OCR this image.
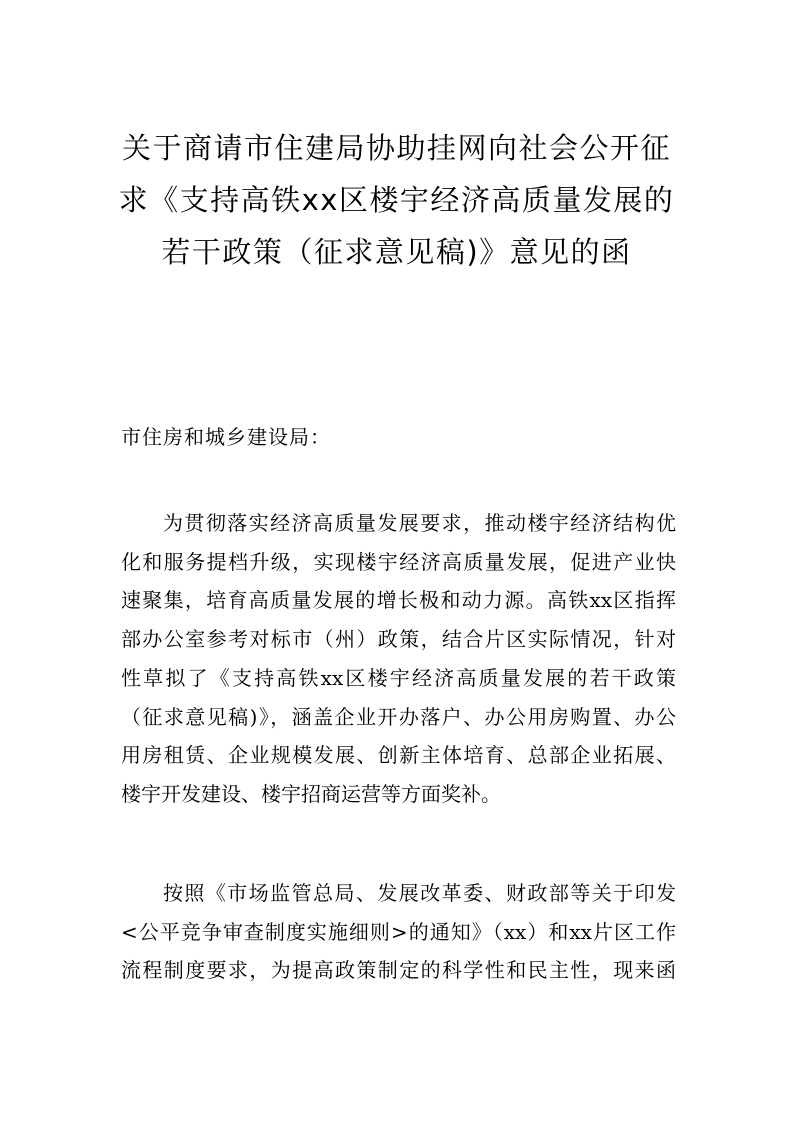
关于商请市住建局协助挂网向社会公开征
求《支持高铁xx区楼宇经济高质量发展的
若干政策（征求意见稿)》意见的函

市住房和城乡建设局：

为贯彻落实经济高质量发展要求，推动楼宇经济结构优
化和服务提档升级，实现楼宇经济高质量发展，促进产业快
速聚集，培育高质量发展的增长极和动力源。高铁xx区指挥
部办公室参考对标市（州）政策，结合片区实际情况，针对
性草拟了《支持高铁xx区楼宇经济高质量发展的若干政策
（征求意见稿)》，涵盖企业开办落户、办公用房购置、办公
用房租赁、企业规模发展、创新主体培育、总部企业拓展、
楼宇开发建设、楼宇招商运营等方面奖补。
按照《市场监管总局、发展改革委、财政部等关于印发
<公平竞争审查制度实施细则>的通知》（xx）和xx片区工作
流程制度要求，为提高政策制定的科学性和民主性，现来函
